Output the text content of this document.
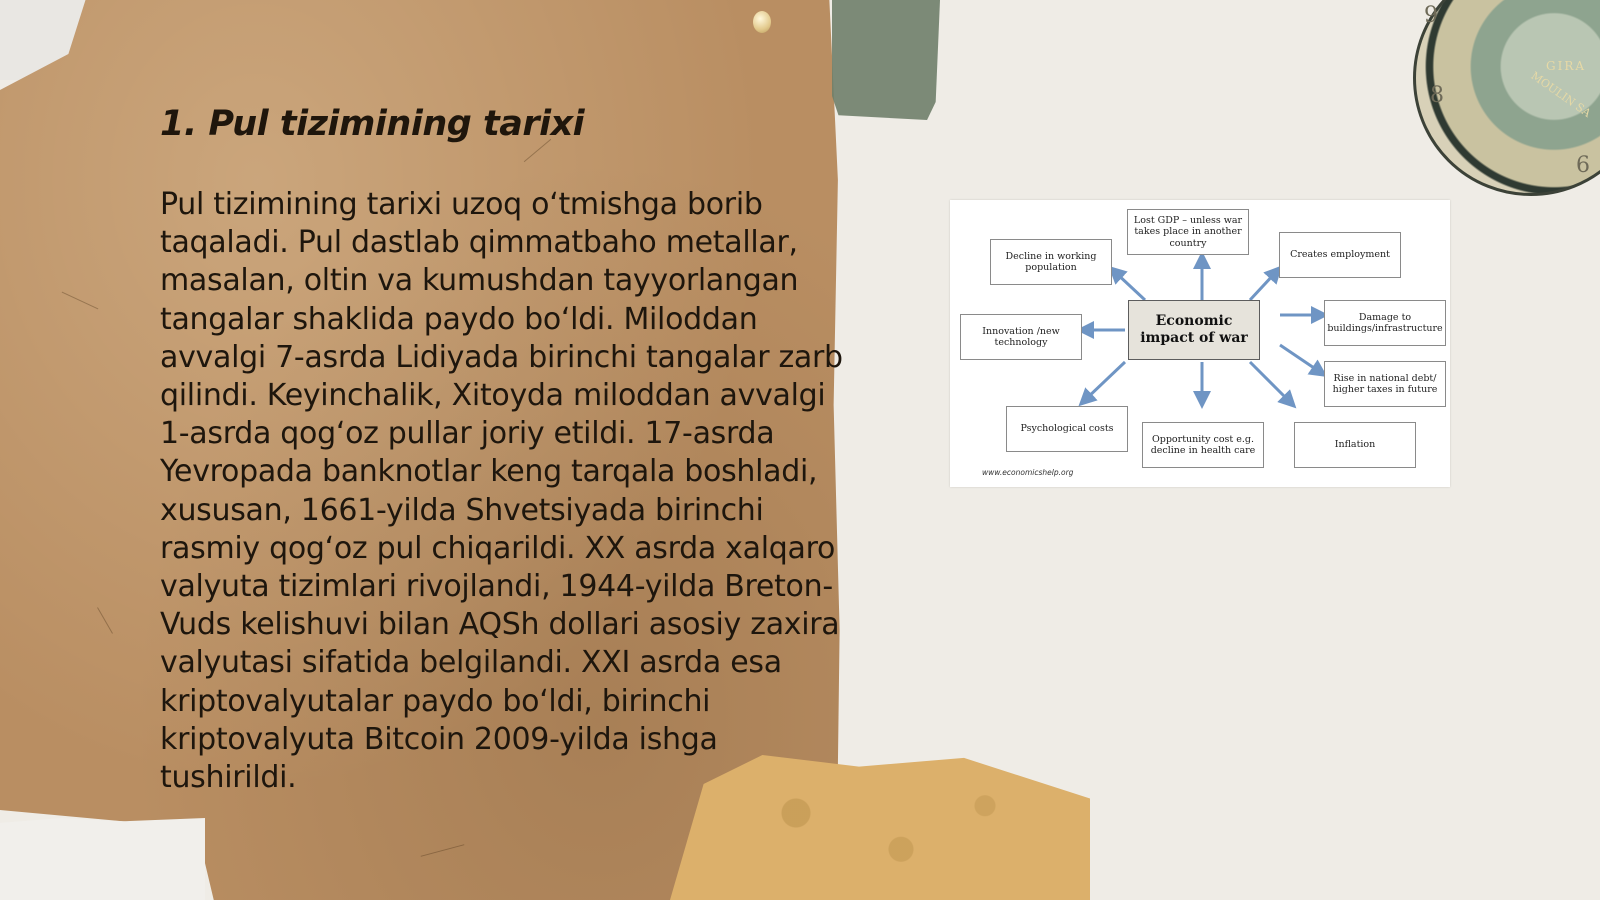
9
8
6
GIRA
MOULIN SA
1. Pul tizimining tarixi

Pul tizimining tarixi uzoq o‘tmishga borib taqaladi. Pul dastlab qimmatbaho metallar, masalan, oltin va kumushdan tayyorlangan tangalar shaklida paydo bo‘ldi. Miloddan avvalgi 7-asrda Lidiyada birinchi tangalar zarb qilindi. Keyinchalik, Xitoyda miloddan avvalgi 1-asrda qog‘oz pullar joriy etildi. 17-asrda Yevropada banknotlar keng tarqala boshladi, xususan, 1661-yilda Shvetsiyada birinchi rasmiy qog‘oz pul chiqarildi. XX asrda xalqaro valyuta tizimlari rivojlandi, 1944-yilda Breton-Vuds kelishuvi bilan AQSh dollari asosiy zaxira valyutasi sifatida belgilandi. XXI asrda esa kriptovalyutalar paydo bo‘ldi, birinchi kriptovalyuta Bitcoin 2009-yilda ishga tushirildi.

Economic impact of war
Lost GDP – unless war takes place in another country
Decline in working population
Creates employment
Innovation /new technology
Damage to buildings/infrastructure
Rise in national debt/ higher taxes in future
Psychological costs
Opportunity cost e.g. decline in health care
Inflation
www.economicshelp.org
